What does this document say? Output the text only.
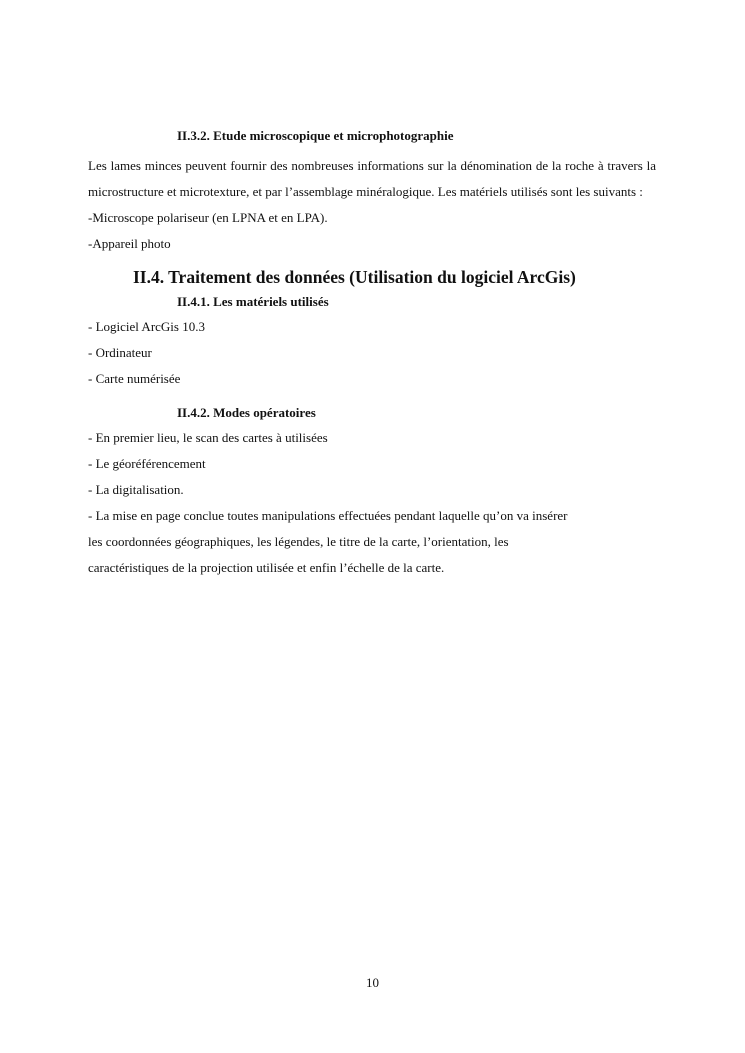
II.3.2. Etude microscopique et microphotographie

Les lames minces peuvent fournir des nombreuses informations sur la dénomination de la roche à travers la microstructure et microtexture, et par l’assemblage minéralogique. Les matériels utilisés sont les suivants :

-Microscope polariseur (en LPNA et en LPA).
-Appareil photo
II.4. Traitement des données (Utilisation du logiciel ArcGis)
II.4.1. Les matériels utilisés
- Logiciel ArcGis 10.3
- Ordinateur
- Carte numérisée
II.4.2. Modes opératoires
- En premier lieu, le scan des cartes à utilisées
- Le géoréférencement
- La digitalisation.
- La mise en page conclue toutes manipulations effectuées pendant laquelle qu’on va insérer
les coordonnées géographiques, les légendes, le titre de la carte, l’orientation, les
caractéristiques de la projection utilisée et enfin l’échelle de la carte.
10
